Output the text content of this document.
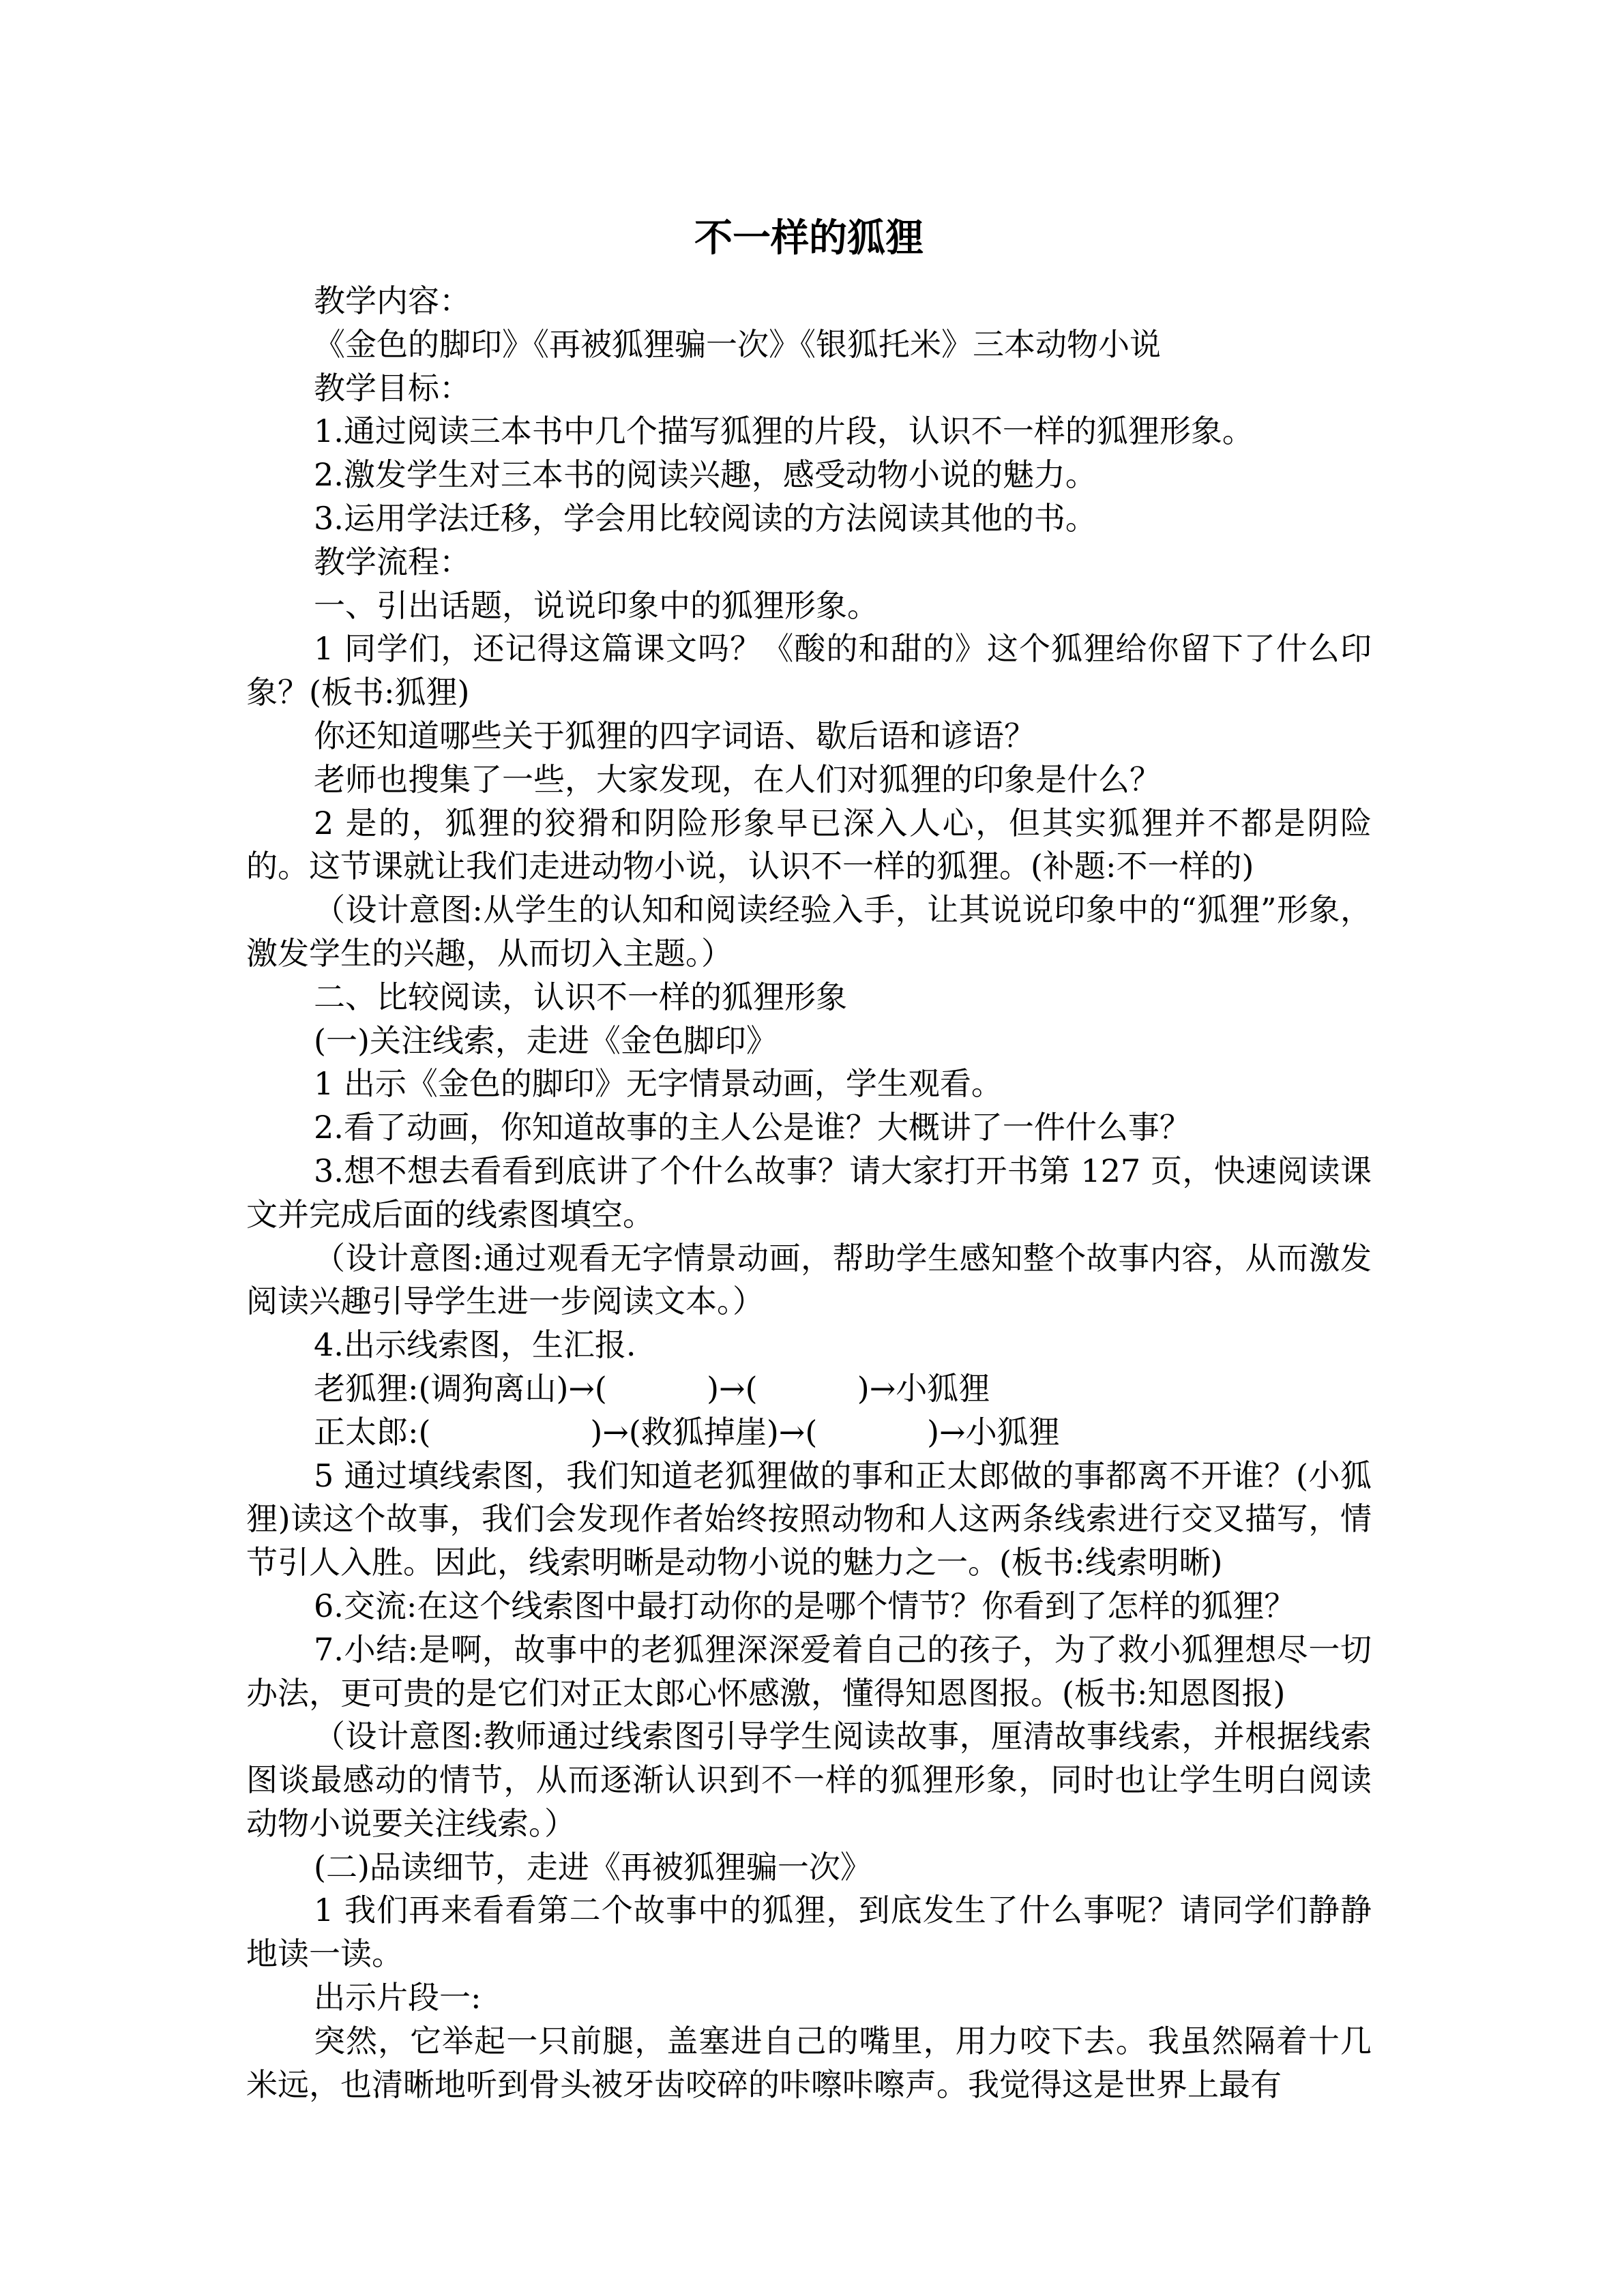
不一样的狐狸

教学内容：

《金色的脚印》《再被狐狸骗一次》《银狐托米》三本动物小说

教学目标：

1.通过阅读三本书中几个描写狐狸的片段，认识不一样的狐狸形象。

2.激发学生对三本书的阅读兴趣，感受动物小说的魅力。

3.运用学法迁移，学会用比较阅读的方法阅读其他的书。

教学流程：

一、引出话题，说说印象中的狐狸形象。

1 同学们，还记得这篇课文吗？《酸的和甜的》这个狐狸给你留下了什么印象？(板书:狐狸)

你还知道哪些关于狐狸的四字词语、歇后语和谚语？

老师也搜集了一些，大家发现，在人们对狐狸的印象是什么？

2 是的，狐狸的狡猾和阴险形象早已深入人心，但其实狐狸并不都是阴险的。这节课就让我们走进动物小说，认识不一样的狐狸。(补题:不一样的)

（设计意图:从学生的认知和阅读经验入手，让其说说印象中的“狐狸”形象，激发学生的兴趣，从而切入主题。）

二、比较阅读，认识不一样的狐狸形象

(一)关注线索，走进《金色脚印》

1 出示《金色的脚印》无字情景动画，学生观看。

2.看了动画，你知道故事的主人公是谁？大概讲了一件什么事？

3.想不想去看看到底讲了个什么故事？请大家打开书第 127 页，快速阅读课文并完成后面的线索图填空。

（设计意图:通过观看无字情景动画，帮助学生感知整个故事内容，从而激发阅读兴趣引导学生进一步阅读文本。）

4.出示线索图，生汇报.

老狐狸:(调狗离山)→(          )→(          )→小狐狸

正太郎:(                )→(救狐掉崖)→(           )→小狐狸

5 通过填线索图，我们知道老狐狸做的事和正太郎做的事都离不开谁？(小狐狸)读这个故事，我们会发现作者始终按照动物和人这两条线索进行交叉描写，情节引人入胜。因此，线索明晰是动物小说的魅力之一。(板书:线索明晰)

6.交流:在这个线索图中最打动你的是哪个情节？你看到了怎样的狐狸？

7.小结:是啊，故事中的老狐狸深深爱着自己的孩子，为了救小狐狸想尽一切办法，更可贵的是它们对正太郎心怀感激，懂得知恩图报。(板书:知恩图报)

（设计意图:教师通过线索图引导学生阅读故事，厘清故事线索，并根据线索图谈最感动的情节，从而逐渐认识到不一样的狐狸形象，同时也让学生明白阅读动物小说要关注线索。）

(二)品读细节，走进《再被狐狸骗一次》

1 我们再来看看第二个故事中的狐狸，到底发生了什么事呢？请同学们静静地读一读。

出示片段一:

突然，它举起一只前腿，盖塞进自己的嘴里，用力咬下去。我虽然隔着十几米远，也清晰地听到骨头被牙齿咬碎的咔嚓咔嚓声。我觉得这是世界上最有
